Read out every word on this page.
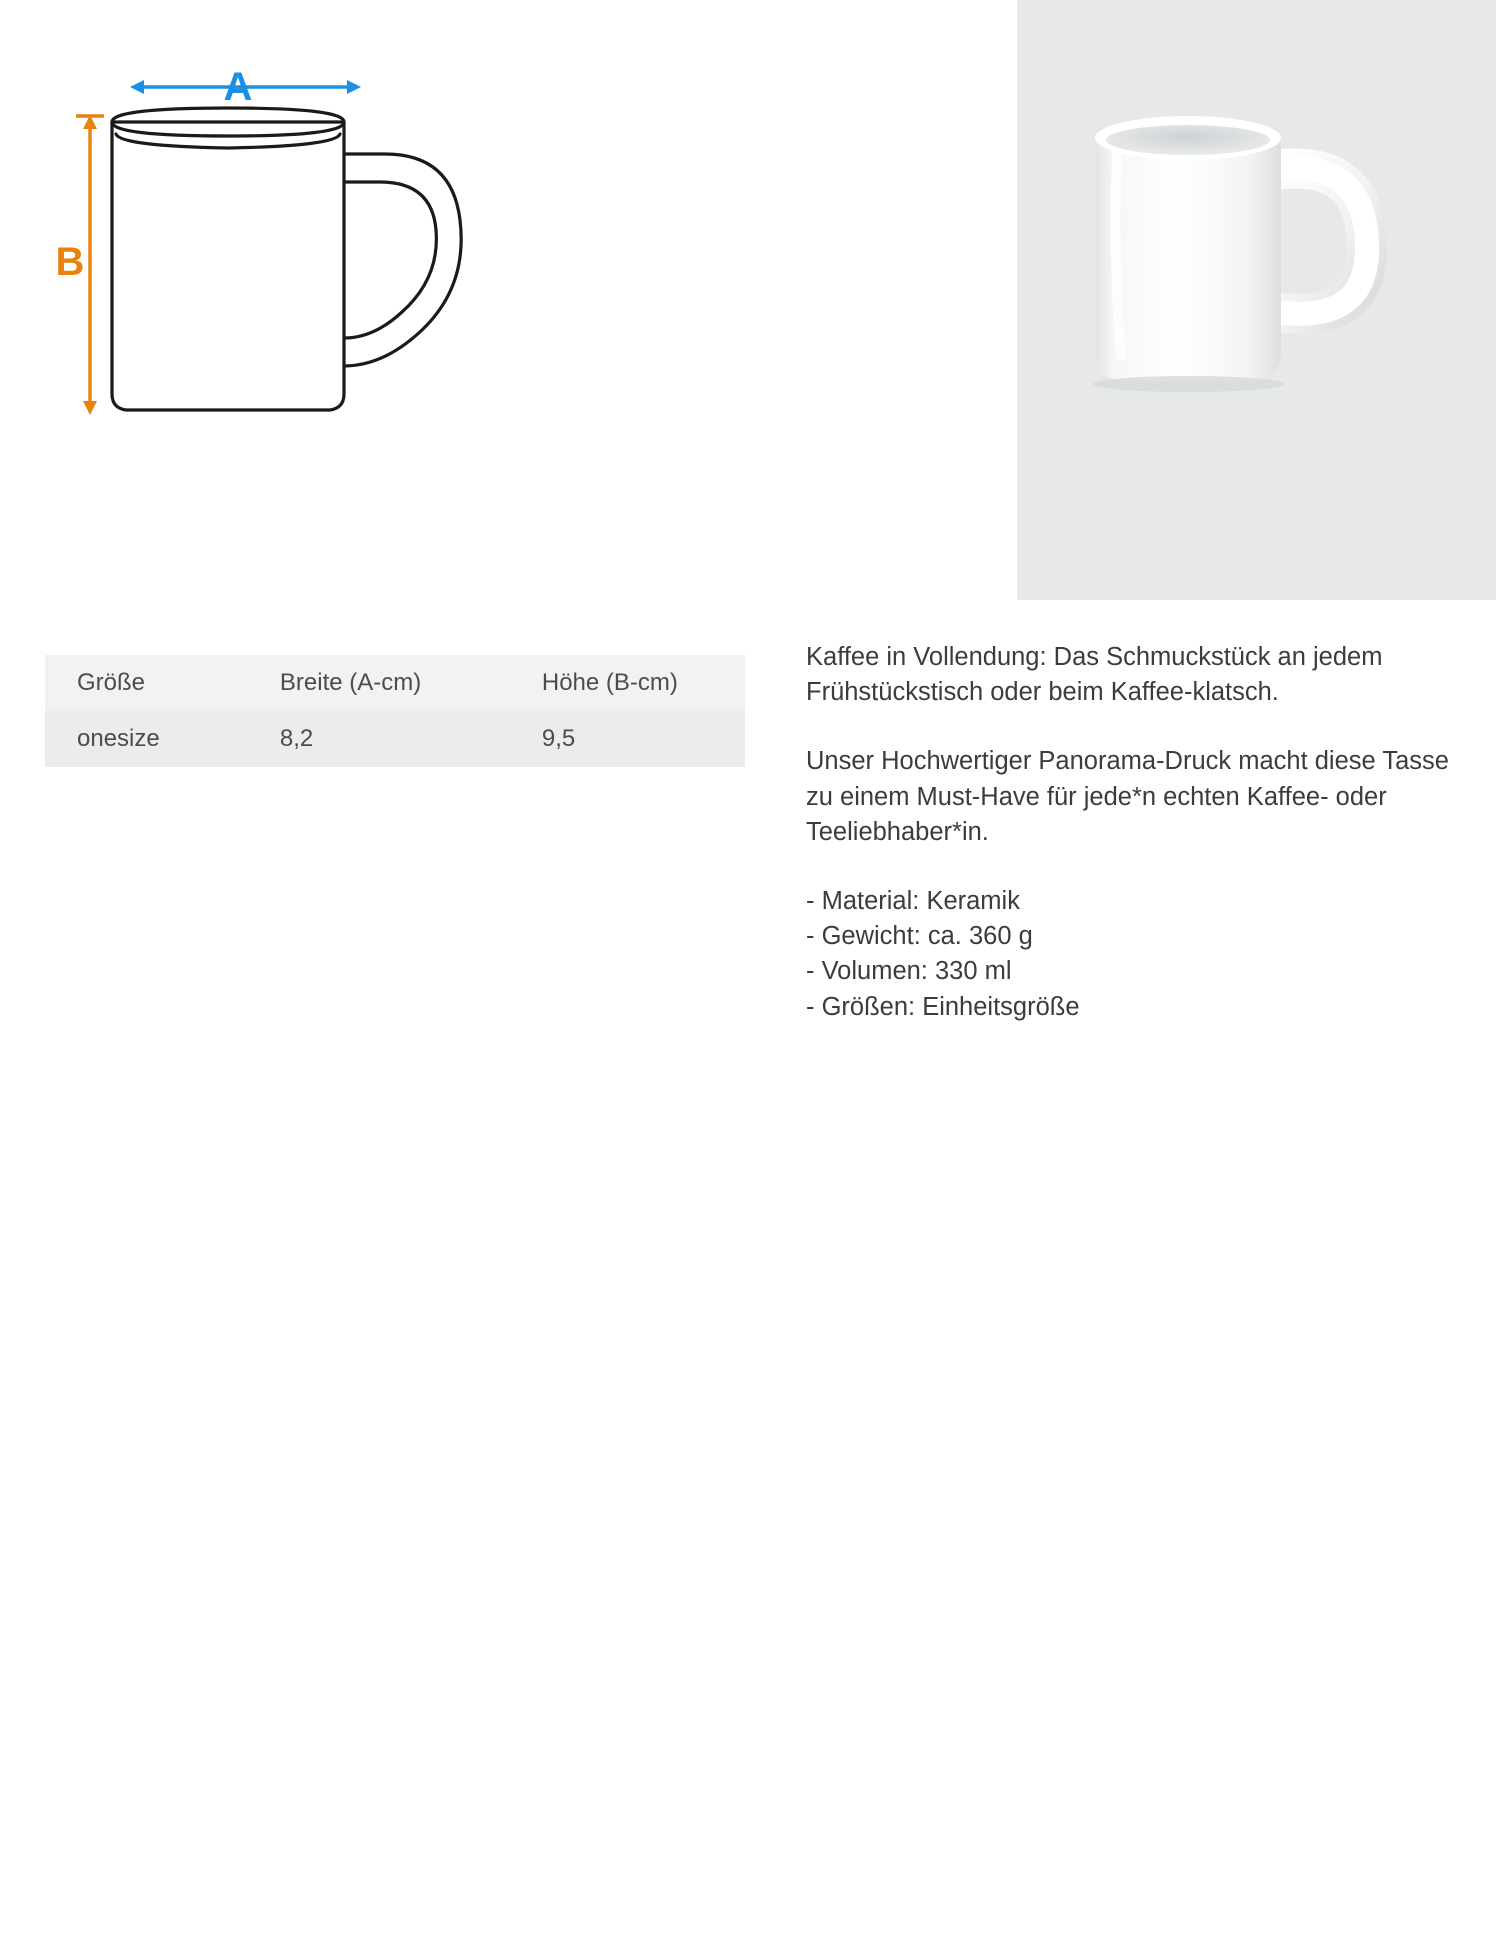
A
B
Größe	Breite (A-cm)	Höhe (B-cm)
onesize	8,2	9,5

Kaffee in Vollendung: Das Schmuckstück an jedem Frühstückstisch oder beim Kaffee-klatsch.

Unser Hochwertiger Panorama-Druck macht diese Tasse zu einem Must-Have für jede*n echten Kaffee- oder Teeliebhaber*in.

- Material: Keramik
- Gewicht: ca. 360 g
- Volumen: 330 ml
- Größen: Einheitsgröße
